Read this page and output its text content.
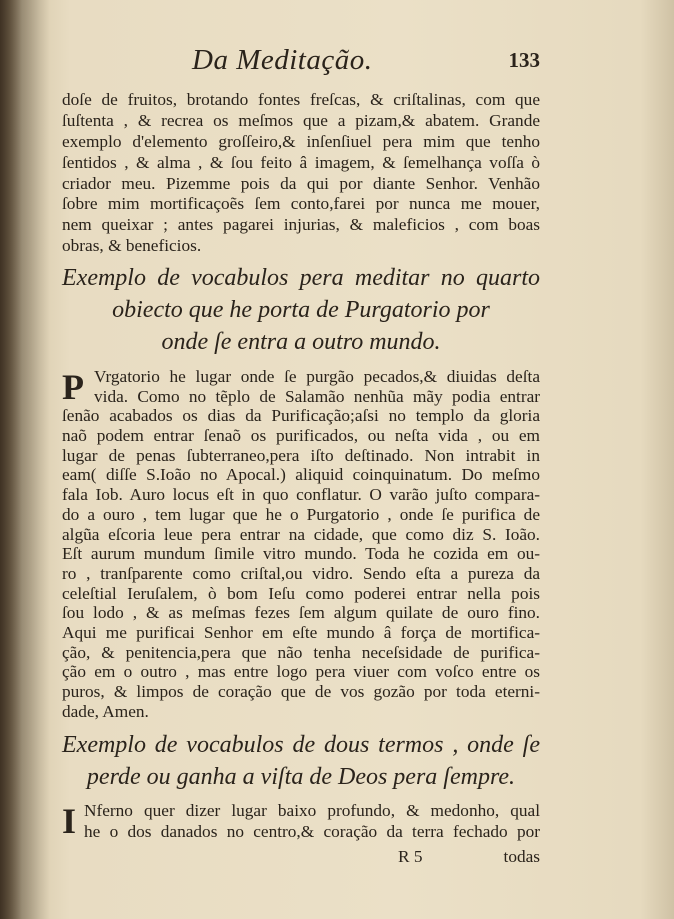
Da Meditação.	133
doſe de fruitos, brotando fontes freſcas, & criſtalinas, com que
ſuſtenta , & recrea os meſmos que a pizam,& abatem. Grande
exemplo d'elemento groſſeiro,& inſenſiuel pera mim que tenho
ſentidos , & alma , & ſou feito â imagem, & ſemelhança voſſa ò
criador meu. Pizemme pois da qui por diante Senhor. Venhão
ſobre mim mortificaçoẽs ſem conto,farei por nunca me mouer,
nem queixar ; antes pagarei injurias, & maleficios , com boas
obras, & beneficios.
Exemplo de vocabulos pera meditar no quarto
obiecto que he porta de Purgatorio por
onde ſe entra a outro mundo.
P Vrgatorio he lugar onde ſe purgão pecados,& diuidas deſta
vida. Como no tẽplo de Salamão nenhũa mãy podia entrar
ſenão acabados os dias da Purificação;aſsi no templo da gloria
naõ podem entrar ſenaõ os purificados, ou neſta vida , ou em
lugar de penas ſubterraneo,pera iſto deſtinado. Non intrabit in
eam( diſſe S.Ioão no Apocal.) aliquid coinquinatum. Do meſmo
fala Iob. Auro locus eſt in quo conflatur. O varão juſto compara-
do a ouro , tem lugar que he o Purgatorio , onde ſe purifica de
algũa eſcoria leue pera entrar na cidade, que como diz S. Ioão.
Eſt aurum mundum ſimile vitro mundo. Toda he cozida em ou-
ro , tranſparente como criſtal,ou vidro. Sendo eſta a pureza da
celeſtial Ieruſalem, ò bom Ieſu como poderei entrar nella pois
ſou lodo , & as meſmas fezes ſem algum quilate de ouro fino.
Aqui me purificai Senhor em eſte mundo â força de mortifica-
ção, & penitencia,pera que não tenha neceſsidade de purifica-
ção em o outro , mas entre logo pera viuer com voſco entre os
puros, & limpos de coração que de vos gozão por toda eterni-
dade, Amen.
Exemplo de vocabulos de dous termos , onde ſe
perde ou ganha a viſta de Deos pera ſempre.
I Nferno quer dizer lugar baixo profundo, & medonho, qual
he o dos danados no centro,& coração da terra fechado por
R 5	todas
